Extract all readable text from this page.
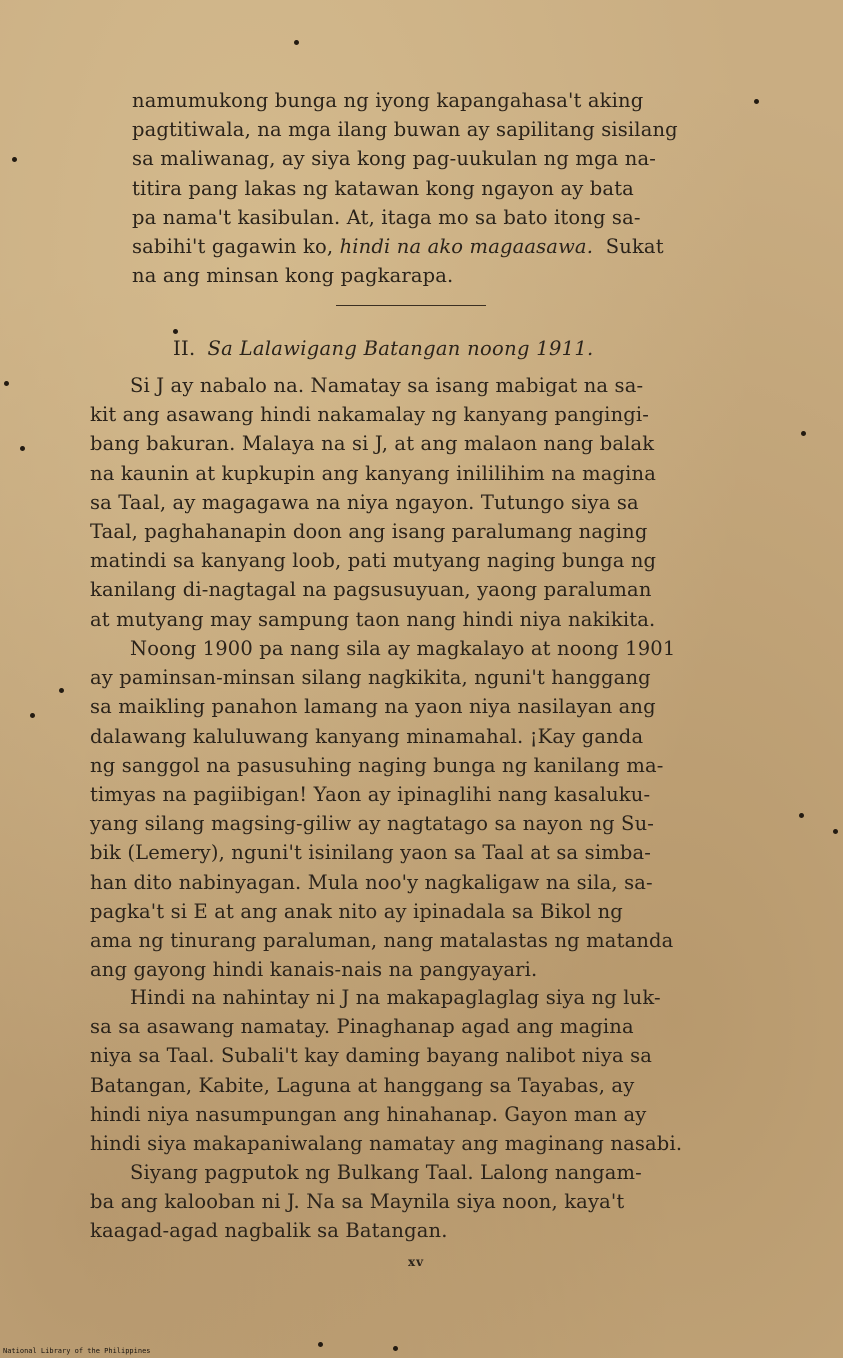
namumukong bunga ng iyong kapangahasa't aking
pagtitiwala, na mga ilang buwan ay sapilitang sisilang
sa maliwanag, ay siya kong pag-uukulan ng mga na-
titira pang lakas ng katawan kong ngayon ay bata
pa nama't kasibulan. At, itaga mo sa bato itong sa-
sabihi't gagawin ko, hindi na ako magaasawa.  Sukat
na ang minsan kong pagkarapa.
II. Sa Lalawigang Batangan noong 1911.
Si J ay nabalo na. Namatay sa isang mabigat na sa-
kit ang asawang hindi nakamalay ng kanyang pangingi-
bang bakuran. Malaya na si J, at ang malaon nang balak
na kaunin at kupkupin ang kanyang inililihim na magina
sa Taal, ay magagawa na niya ngayon. Tutungo siya sa
Taal, paghahanapin doon ang isang paralumang naging
matindi sa kanyang loob, pati mutyang naging bunga ng
kanilang di-nagtagal na pagsusuyuan, yaong paraluman
at mutyang may sampung taon nang hindi niya nakikita.
Noong 1900 pa nang sila ay magkalayo at noong 1901
ay paminsan-minsan silang nagkikita, nguni't hanggang
sa maikling panahon lamang na yaon niya nasilayan ang
dalawang kaluluwang kanyang minamahal. ¡Kay ganda
ng sanggol na pasusuhing naging bunga ng kanilang ma-
timyas na pagiibigan! Yaon ay ipinaglihi nang kasaluku-
yang silang magsing-giliw ay nagtatago sa nayon ng Su-
bik (Lemery), nguni't isinilang yaon sa Taal at sa simba-
han dito nabinyagan. Mula noo'y nagkaligaw na sila, sa-
pagka't si E at ang anak nito ay ipinadala sa Bikol ng
ama ng tinurang paraluman, nang matalastas ng matanda
ang gayong hindi kanais-nais na pangyayari.
Hindi na nahintay ni J na makapaglaglag siya ng luk-
sa sa asawang namatay. Pinaghanap agad ang magina
niya sa Taal. Subali't kay daming bayang nalibot niya sa
Batangan, Kabite, Laguna at hanggang sa Tayabas, ay
hindi niya nasumpungan ang hinahanap. Gayon man ay
hindi siya makapaniwalang namatay ang maginang nasabi.
Siyang pagputok ng Bulkang Taal. Lalong nangam-
ba ang kalooban ni J. Na sa Maynila siya noon, kaya't
kaagad-agad nagbalik sa Batangan.
xv
National Library of the Philippines
